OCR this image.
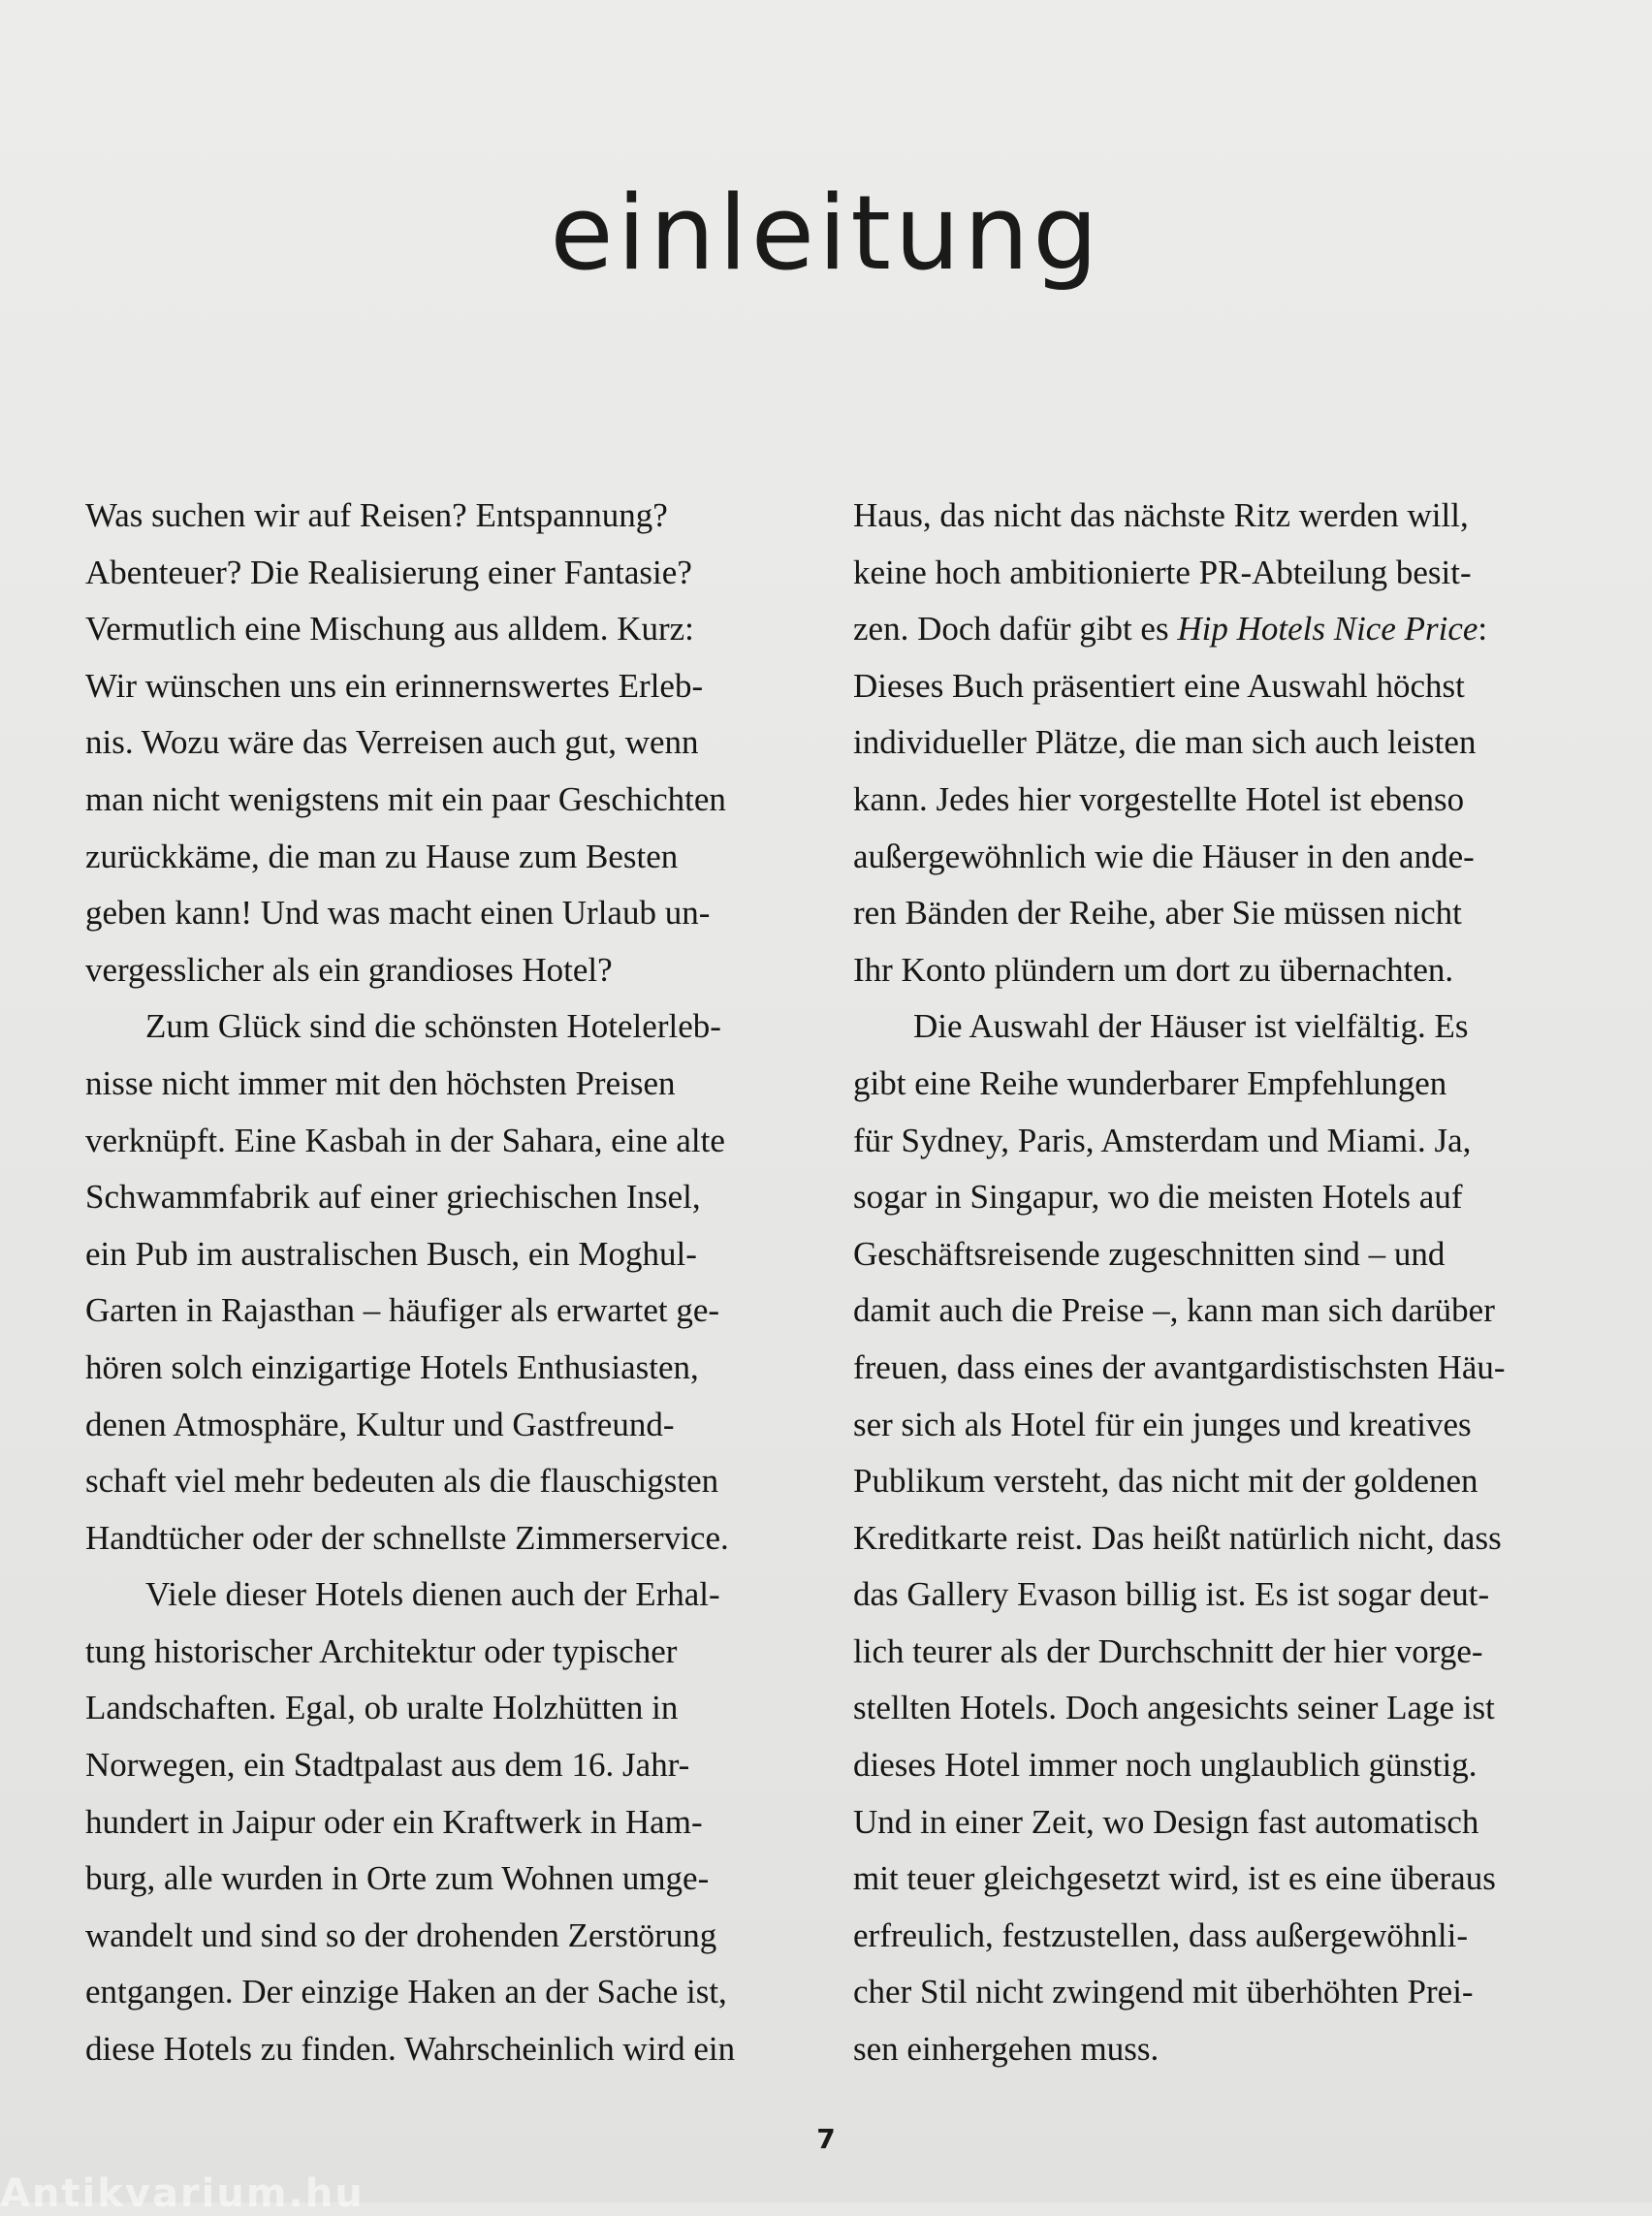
einleitung
Was suchen wir auf Reisen? Entspannung?
Abenteuer? Die Realisierung einer Fantasie?
Vermutlich eine Mischung aus alldem. Kurz:
Wir wünschen uns ein erinnernswertes Erleb-
nis. Wozu wäre das Verreisen auch gut, wenn
man nicht wenigstens mit ein paar Geschichten
zurückkäme, die man zu Hause zum Besten
geben kann! Und was macht einen Urlaub un-
vergesslicher als ein grandioses Hotel?
Zum Glück sind die schönsten Hotelerleb-
nisse nicht immer mit den höchsten Preisen
verknüpft. Eine Kasbah in der Sahara, eine alte
Schwammfabrik auf einer griechischen Insel,
ein Pub im australischen Busch, ein Moghul-
Garten in Rajasthan – häufiger als erwartet ge-
hören solch einzigartige Hotels Enthusiasten,
denen Atmosphäre, Kultur und Gastfreund-
schaft viel mehr bedeuten als die flauschigsten
Handtücher oder der schnellste Zimmerservice.
Viele dieser Hotels dienen auch der Erhal-
tung historischer Architektur oder typischer
Landschaften. Egal, ob uralte Holzhütten in
Norwegen, ein Stadtpalast aus dem 16. Jahr-
hundert in Jaipur oder ein Kraftwerk in Ham-
burg, alle wurden in Orte zum Wohnen umge-
wandelt und sind so der drohenden Zerstörung
entgangen. Der einzige Haken an der Sache ist,
diese Hotels zu finden. Wahrscheinlich wird ein
Haus, das nicht das nächste Ritz werden will,
keine hoch ambitionierte PR-Abteilung besit-
zen. Doch dafür gibt es Hip Hotels Nice Price:
Dieses Buch präsentiert eine Auswahl höchst
individueller Plätze, die man sich auch leisten
kann. Jedes hier vorgestellte Hotel ist ebenso
außergewöhnlich wie die Häuser in den ande-
ren Bänden der Reihe, aber Sie müssen nicht
Ihr Konto plündern um dort zu übernachten.
Die Auswahl der Häuser ist vielfältig. Es
gibt eine Reihe wunderbarer Empfehlungen
für Sydney, Paris, Amsterdam und Miami. Ja,
sogar in Singapur, wo die meisten Hotels auf
Geschäftsreisende zugeschnitten sind – und
damit auch die Preise –, kann man sich darüber
freuen, dass eines der avantgardistischsten Häu-
ser sich als Hotel für ein junges und kreatives
Publikum versteht, das nicht mit der goldenen
Kreditkarte reist. Das heißt natürlich nicht, dass
das Gallery Evason billig ist. Es ist sogar deut-
lich teurer als der Durchschnitt der hier vorge-
stellten Hotels. Doch angesichts seiner Lage ist
dieses Hotel immer noch unglaublich günstig.
Und in einer Zeit, wo Design fast automatisch
mit teuer gleichgesetzt wird, ist es eine überaus
erfreulich, festzustellen, dass außergewöhnli-
cher Stil nicht zwingend mit überhöhten Prei-
sen einhergehen muss.
7
Antikvarium.hu
